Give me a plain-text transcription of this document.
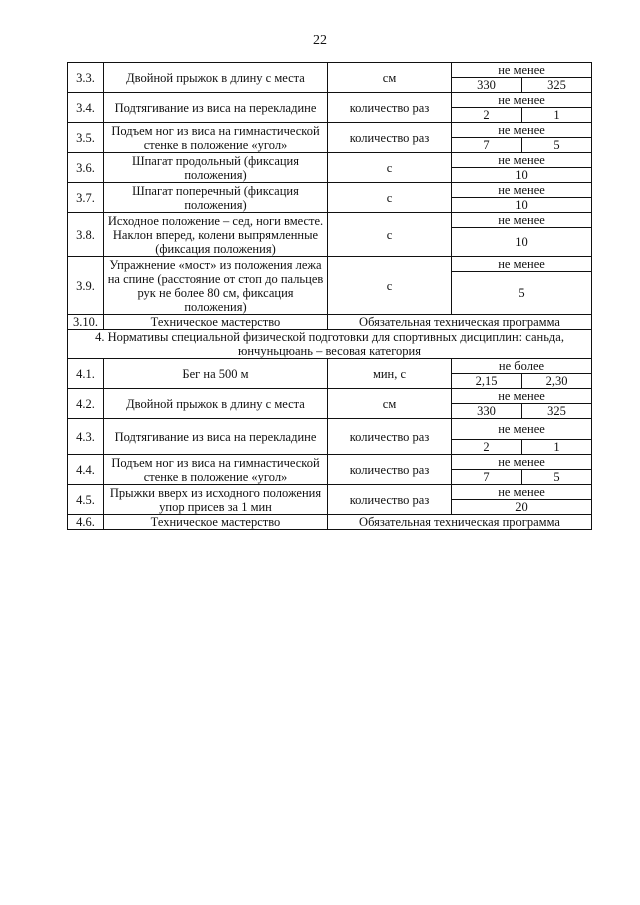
22
3.3.	Двойной прыжок в длину с места	см	не менее	
			330	325
3.4.	Подтягивание из виса на перекладине	количество раз	не менее	
			2	1
3.5.	Подъем ног из виса на гимнастической стенке в положение «угол»	количество раз	не менее	
			7	5
3.6.	Шпагат продольный (фиксация положения)	с	не менее	
			10	
3.7.	Шпагат поперечный (фиксация положения)	с	не менее	
			10	
3.8.	Исходное положение – сед, ноги вместе. Наклон вперед, колени выпрямленные (фиксация положения)	с	не менее	
			10	
3.9.	Упражнение «мост» из положения лежа на спине (расстояние от стоп до пальцев рук не более 80 см, фиксация положения)	с	не менее	
			5	
3.10.	Техническое мастерство	Обязательная техническая программа		
4. Нормативы специальной физической подготовки для спортивных дисциплин: саньда, юнчуньцюань – весовая категория				
4.1.	Бег на 500 м	мин, с	не более	
			2,15	2,30
4.2.	Двойной прыжок в длину с места	см	не менее	
			330	325
4.3.	Подтягивание из виса на перекладине	количество раз	не менее	
			2	1
4.4.	Подъем ног из виса на гимнастической стенке в положение «угол»	количество раз	не менее	
			7	5
4.5.	Прыжки вверх из исходного положения упор присев за 1 мин	количество раз	не менее	
			20	
4.6.	Техническое мастерство	Обязательная техническая программа		
